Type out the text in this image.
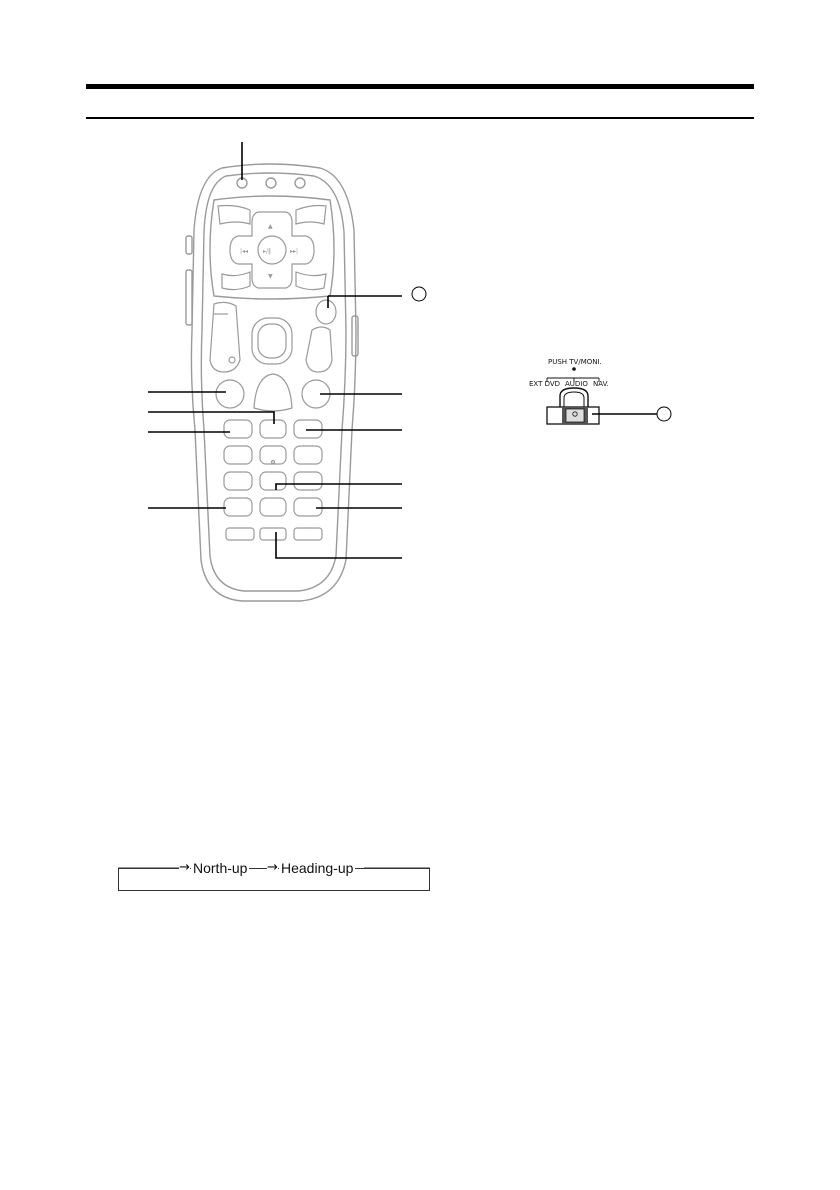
▲
▼
|◂◂	▸▸|
▸/‖
PUSH TV/MONI.
EXT DVD AUDIO NAV.
→ North-up → Heading-up
